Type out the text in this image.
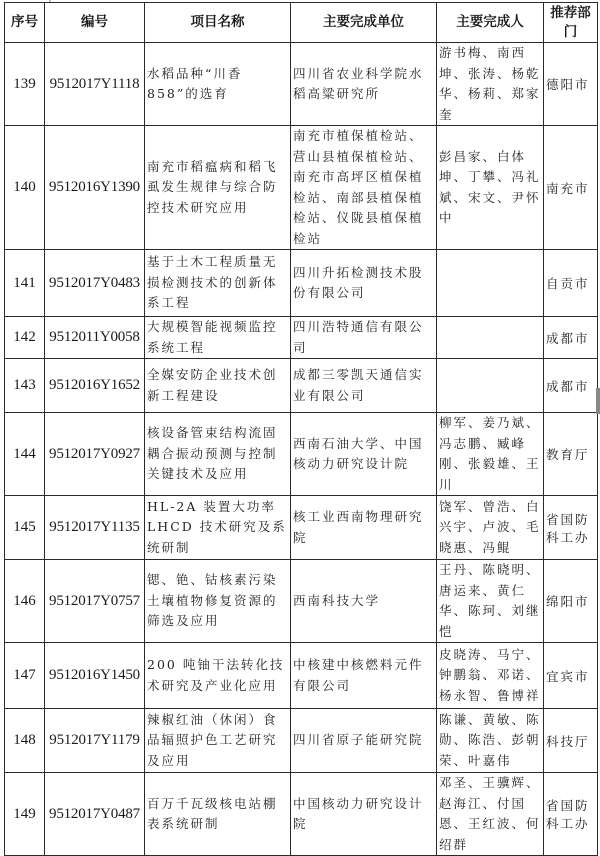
序号	编号	项目名称	主要完成单位	主要完成人	推荐部门
139	9512017Y1118	水稻品种“川香 858”的选育	四川省农业科学院水稻高粱研究所	游书梅、南西坤、张涛、杨乾华、杨莉、郑家奎	德阳市
140	9512016Y1390	南充市稻瘟病和稻飞虱发生规律与综合防控技术研究应用	南充市植保植检站、营山县植保植检站、南充市高坪区植保植检站、南部县植保植检站、仪陇县植保植检站	彭昌家、白体坤、丁攀、冯礼斌、宋文、尹怀中	南充市
141	9512017Y0483	基于土木工程质量无损检测技术的创新体系工程	四川升拓检测技术股份有限公司		自贡市
142	9512011Y0058	大规模智能视频监控系统工程	四川浩特通信有限公司		成都市
143	9512016Y1652	全媒安防企业技术创新工程建设	成都三零凯天通信实业有限公司		成都市
144	9512017Y0927	核设备管束结构流固耦合振动预测与控制关键技术及应用	西南石油大学、中国核动力研究设计院	柳军、姜乃斌、冯志鹏、臧峰刚、张毅雄、王川	教育厅
145	9512017Y1135	HL-2A 装置大功率 LHCD 技术研究及系统研制	核工业西南物理研究院	饶军、曾浩、白兴宇、卢波、毛晓惠、冯鲲	省国防科工办
146	9512017Y0757	锶、铯、钴核素污染土壤植物修复资源的筛选及应用	西南科技大学	王丹、陈晓明、唐运来、黄仁华、陈珂、刘继恺	绵阳市
147	9512016Y1450	200 吨铀干法转化技术研究及产业化应用	中核建中核燃料元件有限公司	皮晓涛、马宁、钟鹏翁、邓诺、杨永智、鲁博祥	宜宾市
148	9512017Y1179	辣椒红油（休闲）食品辐照护色工艺研究及应用	四川省原子能研究院	陈谦、黄敏、陈勋、陈浩、彭朝荣、叶嘉伟	科技厅
149	9512017Y0487	百万千瓦级核电站棚表系统研制	中国核动力研究设计院	邓圣、王骥辉、赵海江、付国恩、王红波、何绍群	省国防科工办
